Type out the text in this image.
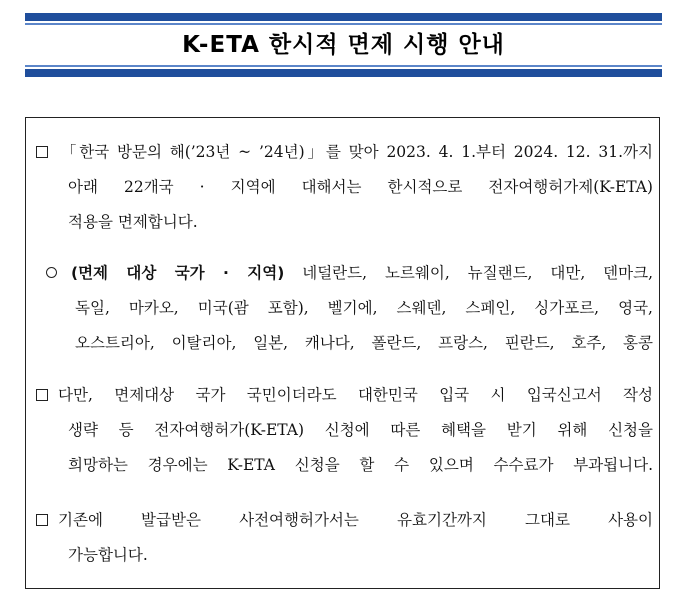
K-ETA 한시적 면제 시행 안내
「한국 방문의 해(’23년 ~ ’24년)」를 맞아 2023. 4. 1.부터 2024. 12. 31.까지
아래 22개국 · 지역에 대해서는 한시적으로 전자여행허가제(K-ETA)
적용을 면제합니다.
(면제 대상 국가 · 지역) 네덜란드, 노르웨이, 뉴질랜드, 대만, 덴마크,
독일, 마카오, 미국(괌 포함), 벨기에, 스웨덴, 스페인, 싱가포르, 영국,
오스트리아, 이탈리아, 일본, 캐나다, 폴란드, 프랑스, 핀란드, 호주, 홍콩
다만, 면제대상 국가 국민이더라도 대한민국 입국 시 입국신고서 작성
생략 등 전자여행허가(K-ETA) 신청에 따른 혜택을 받기 위해 신청을
희망하는 경우에는 K-ETA 신청을 할 수 있으며 수수료가 부과됩니다.
기존에 발급받은 사전여행허가서는 유효기간까지 그대로 사용이
가능합니다.
